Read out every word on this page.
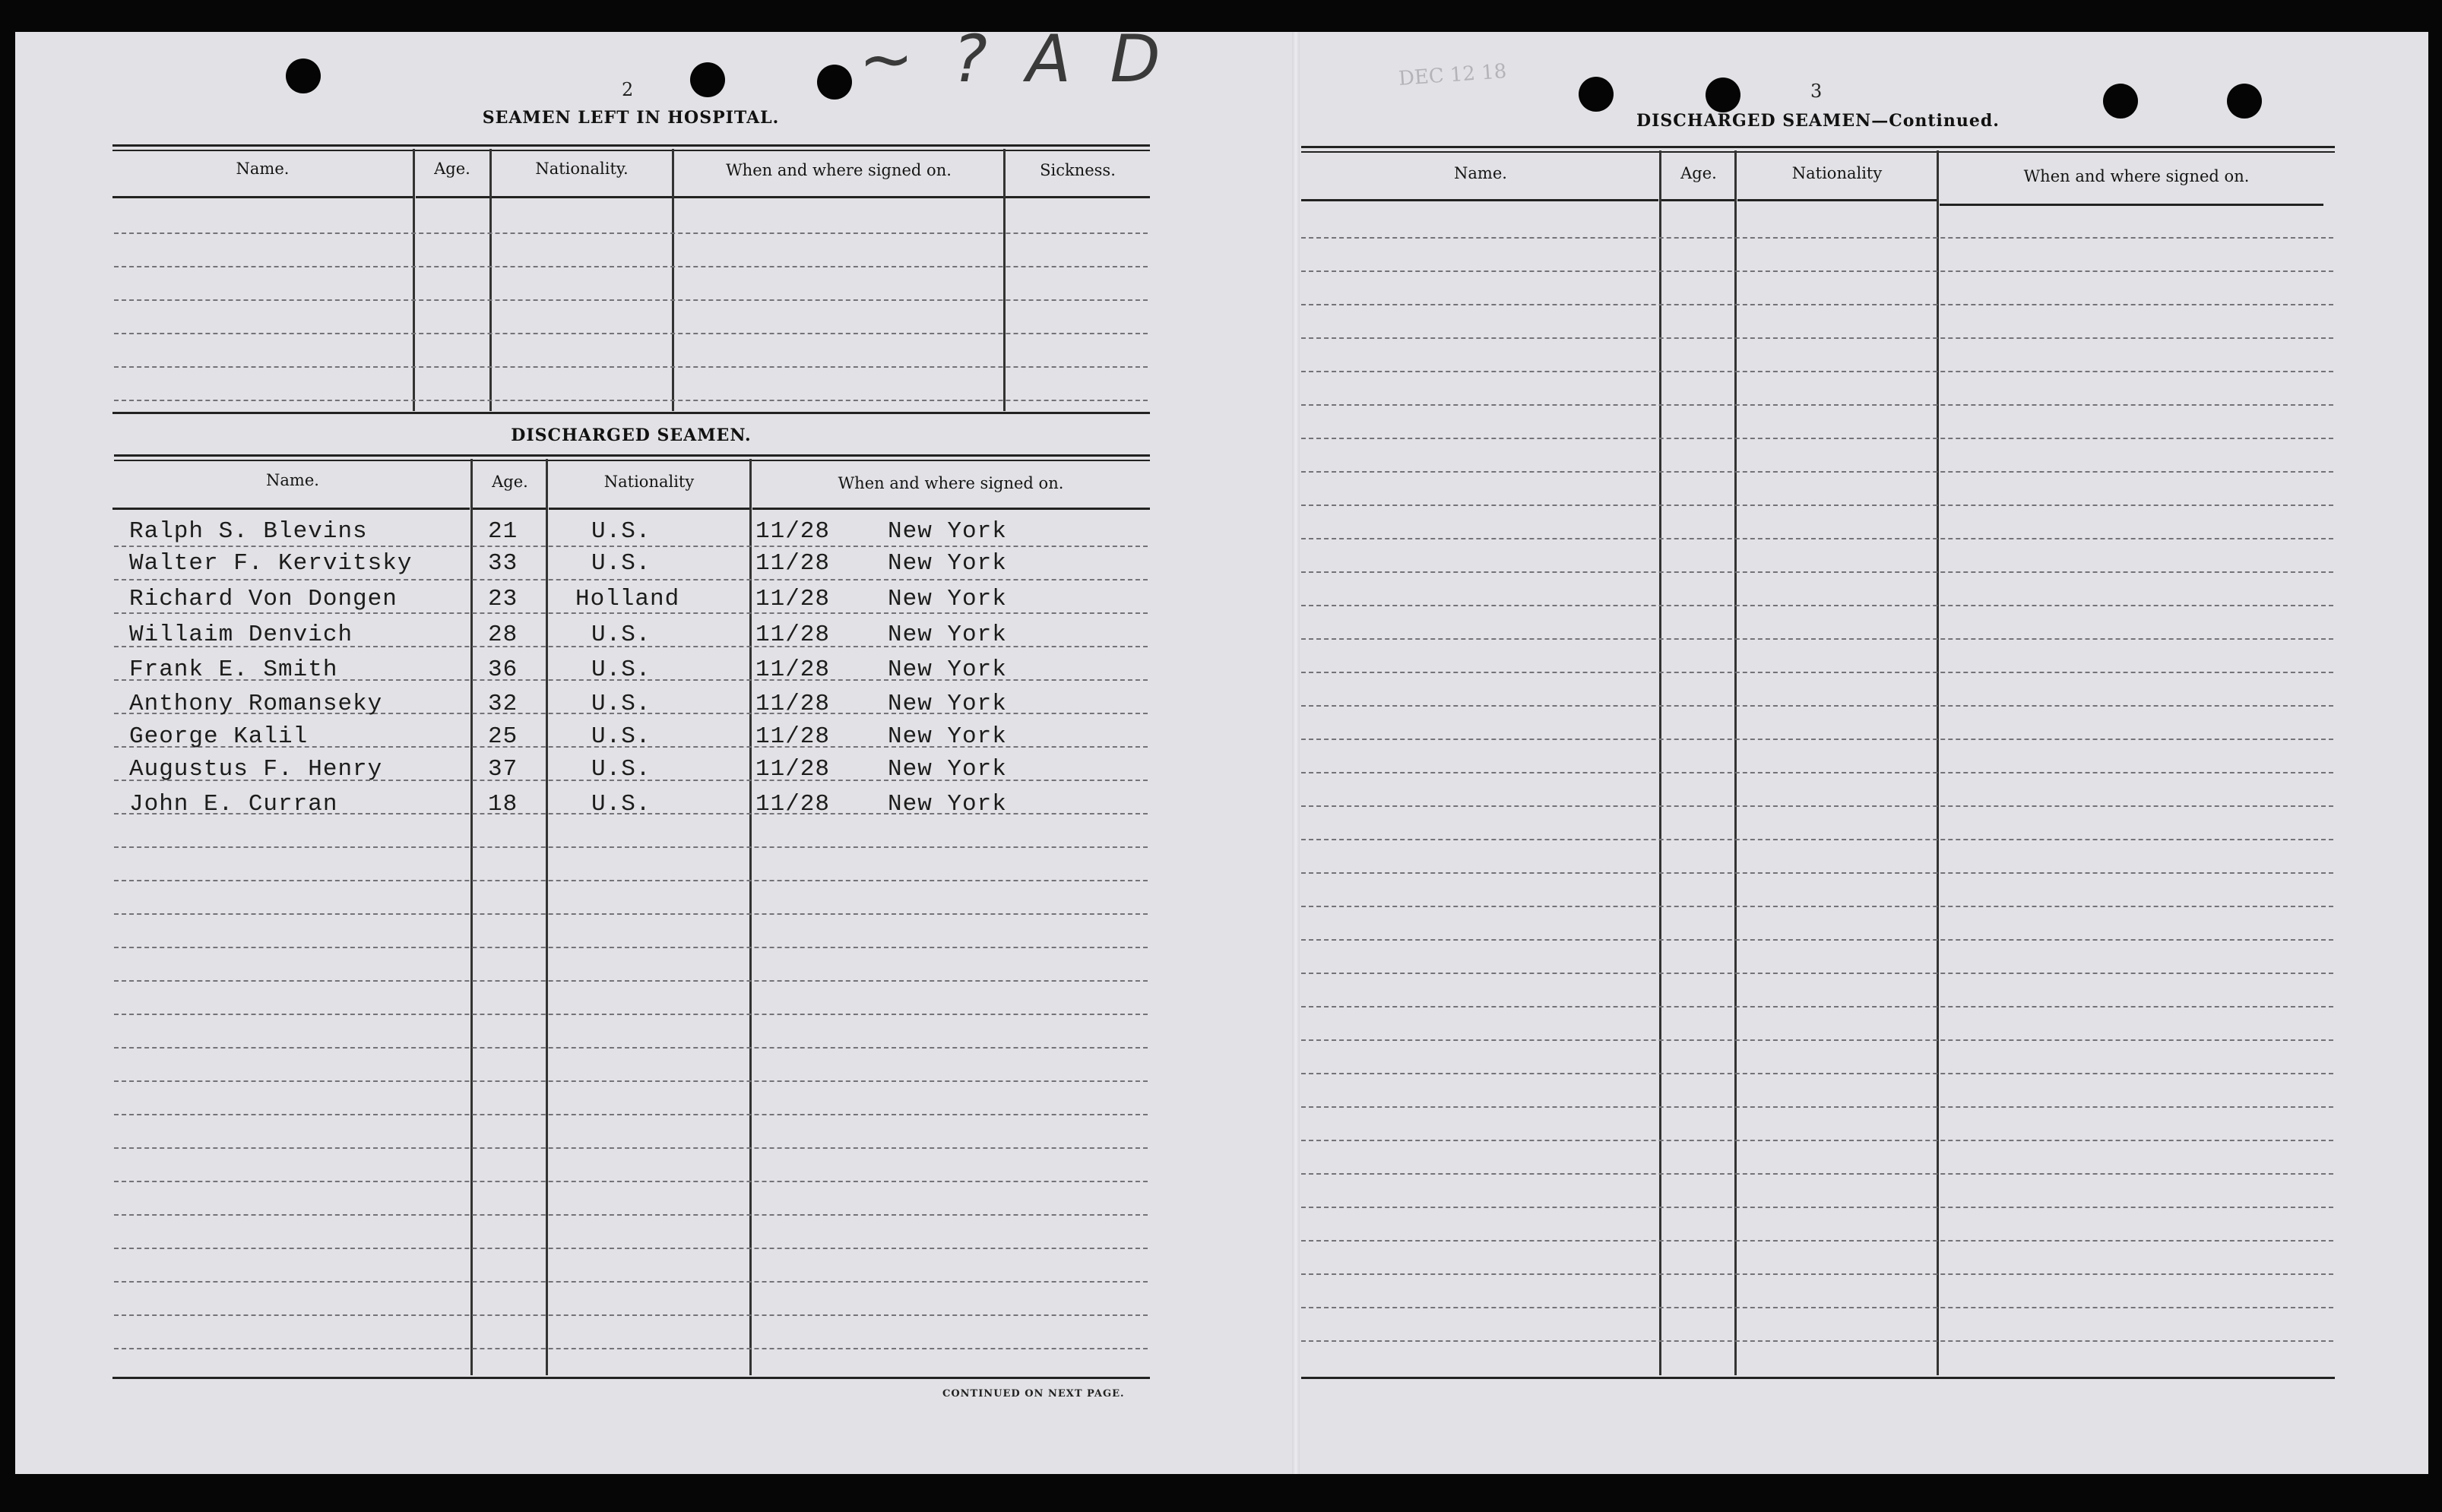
~ ? A D	DEC 12 18
2
SEAMEN LEFT IN HOSPITAL.
Name.	Age.	Nationality.	When and where signed on.	Sickness.
DISCHARGED SEAMEN.
Name.	Age.	Nationality	When and where signed on.
CONTINUED ON NEXT PAGE.
Ralph S. Blevins	21	U.S.	11/28 New York
Walter F. Kervitsky	33	U.S.	11/28 New York
Richard Von Dongen	23 Holland	11/28 New York
Willaim Denvich	28	U.S.	11/28 New York
Frank E. Smith	36	U.S.	11/28 New York
Anthony Romanseky	32	U.S.	11/28 New York
George Kalil	25	U.S.	11/28 New York
Augustus F. Henry	37	U.S.	11/28 New York
John E. Curran	18	U.S.	11/28 New York
3
DISCHARGED SEAMEN—Continued.
Name.	Age.	Nationality	When and where signed on.
